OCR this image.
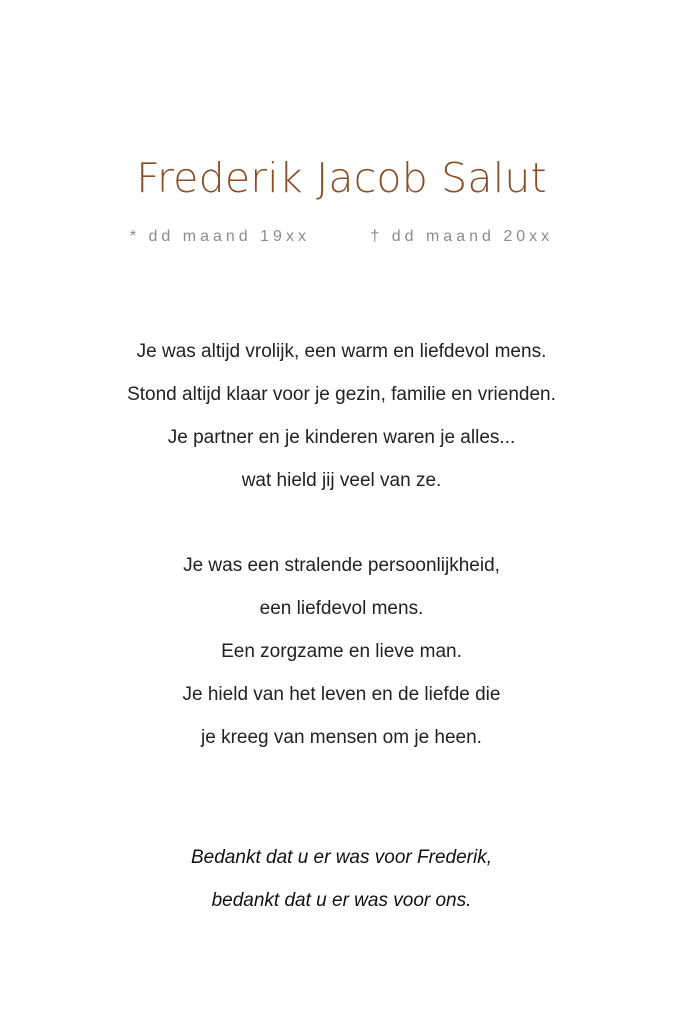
Frederik Jacob Salut
* dd maand 19xx	† dd maand 20xx
Je was altijd vrolijk, een warm en liefdevol mens.
Stond altijd klaar voor je gezin, familie en vrienden.
Je partner en je kinderen waren je alles...
wat hield jij veel van ze.
Je was een stralende persoonlijkheid,
een liefdevol mens.
Een zorgzame en lieve man.
Je hield van het leven en de liefde die
je kreeg van mensen om je heen.
Bedankt dat u er was voor Frederik,
bedankt dat u er was voor ons.
